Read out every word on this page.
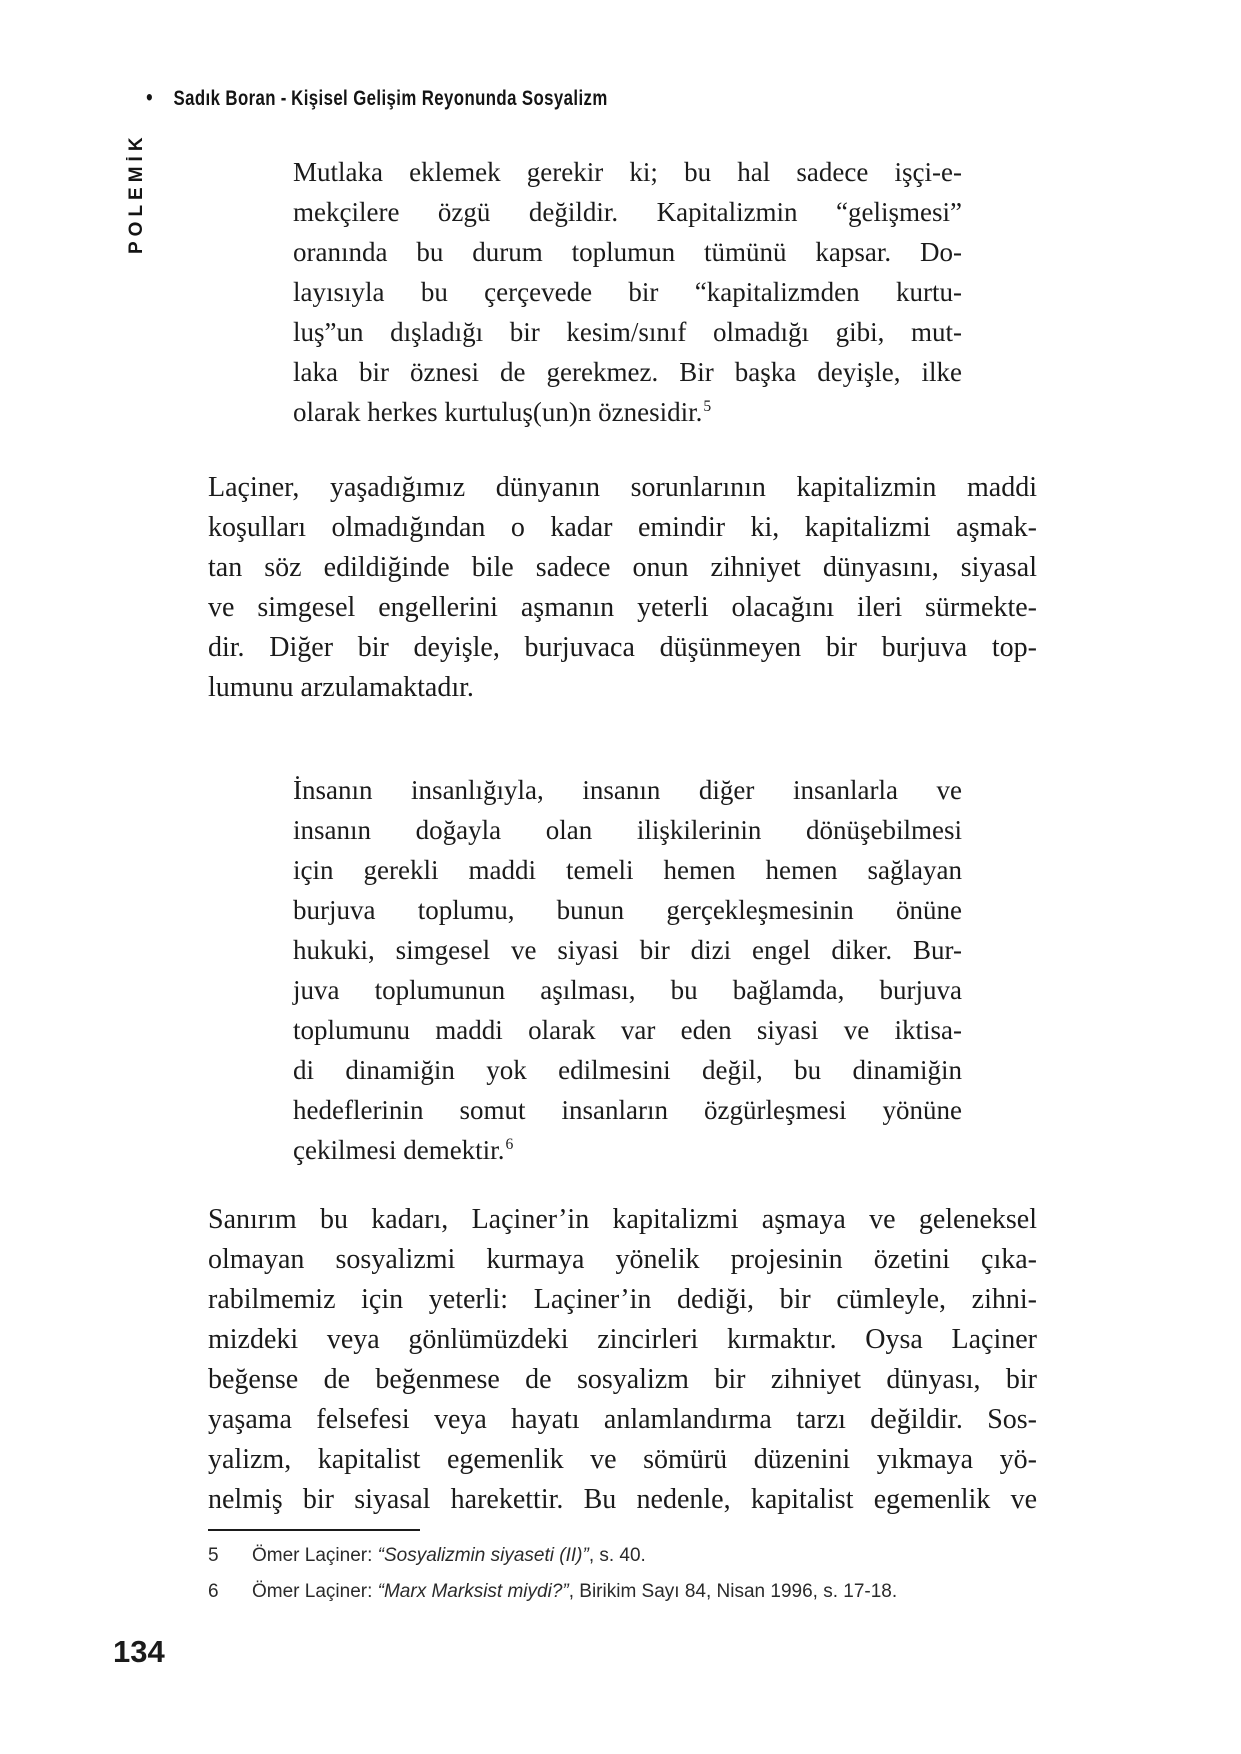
• Sadık Boran - Kişisel Gelişim Reyonunda Sosyalizm
POLEMİK	Mutlaka eklemek gerekir ki; bu hal sadece işçi-e-
mekçilere özgü değildir. Kapitalizmin “gelişmesi”
oranında bu durum toplumun tümünü kapsar. Do-
layısıyla bu çerçevede bir “kapitalizmden kurtu-
luş”un dışladığı bir kesim/sınıf olmadığı gibi, mut-
laka bir öznesi de gerekmez. Bir başka deyişle, ilke
olarak herkes kurtuluş(un)n öznesidir.$^5$
Laçiner, yaşadığımız dünyanın sorunlarının kapitalizmin maddi
koşulları olmadığından o kadar emindir ki, kapitalizmi aşmak-
tan söz edildiğinde bile sadece onun zihniyet dünyasını, siyasal
ve simgesel engellerini aşmanın yeterli olacağını ileri sürmekte-
dir. Diğer bir deyişle, burjuvaca düşünmeyen bir burjuva top-
lumunu arzulamaktadır.
İnsanın insanlığıyla, insanın diğer insanlarla ve
insanın doğayla olan ilişkilerinin dönüşebilmesi
için gerekli maddi temeli hemen hemen sağlayan
burjuva toplumu, bunun gerçekleşmesinin önüne
hukuki, simgesel ve siyasi bir dizi engel diker. Bur-
juva toplumunun aşılması, bu bağlamda, burjuva
toplumunu maddi olarak var eden siyasi ve iktisa-
di dinamiğin yok edilmesini değil, bu dinamiğin
hedeflerinin somut insanların özgürleşmesi yönüne
çekilmesi demektir.$^6$
Sanırım bu kadarı, Laçiner’in kapitalizmi aşmaya ve geleneksel
olmayan sosyalizmi kurmaya yönelik projesinin özetini çıka-
rabilmemiz için yeterli: Laçiner’in dediği, bir cümleyle, zihni-
mizdeki veya gönlümüzdeki zincirleri kırmaktır. Oysa Laçiner
beğense de beğenmese de sosyalizm bir zihniyet dünyası, bir
yaşama felsefesi veya hayatı anlamlandırma tarzı değildir. Sos-
yalizm, kapitalist egemenlik ve sömürü düzenini yıkmaya yö-
nelmiş bir siyasal harekettir. Bu nedenle, kapitalist egemenlik ve
5	Ömer Laçiner: “Sosyalizmin siyaseti (II)”, s. 40.
6	Ömer Laçiner: “Marx Marksist miydi?”, Birikim Sayı 84, Nisan 1996, s. 17-18.
134
